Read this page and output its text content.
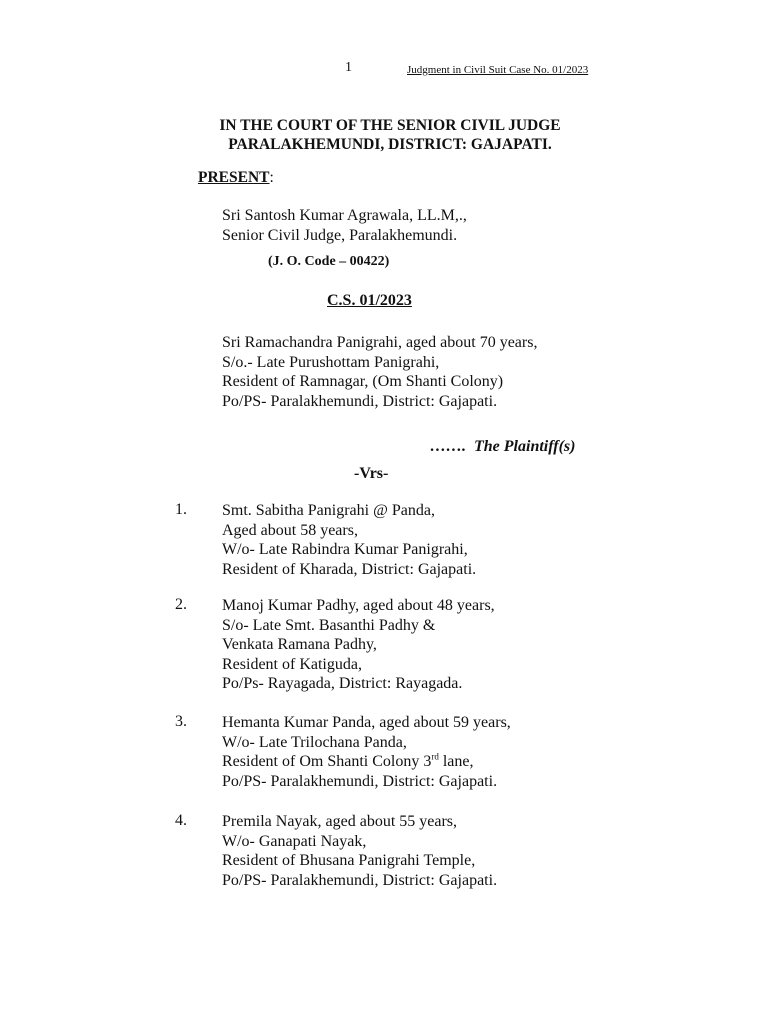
1	Judgment in Civil Suit Case No. 01/2023
IN THE COURT OF THE SENIOR CIVIL JUDGE
PARALAKHEMUNDI, DISTRICT: GAJAPATI.
PRESENT:
Sri Santosh Kumar Agrawala, LL.M,.,
Senior Civil Judge, Paralakhemundi.
(J. O. Code – 00422)
C.S. 01/2023
Sri Ramachandra Panigrahi, aged about 70 years,
S/o.- Late Purushottam Panigrahi,
Resident of Ramnagar, (Om Shanti Colony)
Po/PS- Paralakhemundi, District: Gajapati.
……. The Plaintiff(s)
-Vrs-
1. Smt. Sabitha Panigrahi @ Panda,
Aged about 58 years,
W/o- Late Rabindra Kumar Panigrahi,
Resident of Kharada, District: Gajapati.
2. Manoj Kumar Padhy, aged about 48 years,
S/o- Late Smt. Basanthi Padhy &
Venkata Ramana Padhy,
Resident of Katiguda,
Po/Ps- Rayagada, District: Rayagada.
3. Hemanta Kumar Panda, aged about 59 years,
W/o- Late Trilochana Panda,
Resident of Om Shanti Colony 3rd lane,
Po/PS- Paralakhemundi, District: Gajapati.
4. Premila Nayak, aged about 55 years,
W/o- Ganapati Nayak,
Resident of Bhusana Panigrahi Temple,
Po/PS- Paralakhemundi, District: Gajapati.
